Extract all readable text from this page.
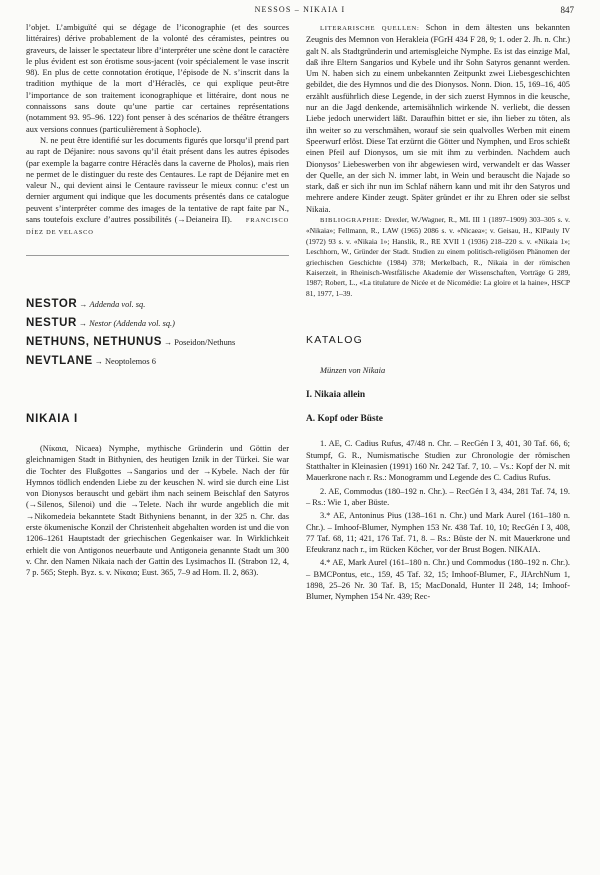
NESSOS – NIKAIA I	847

l’objet. L’ambiguïté qui se dégage de l’iconographie (et des sources littéraires) dérive probablement de la volonté des céramistes, peintres ou graveurs, de laisser le spectateur libre d’interpréter une scène dont le caractère le plus évident est son érotisme sous-jacent (voir spécialement le vase inscrit 98). En plus de cette connotation érotique, l’épisode de N. s’inscrit dans la tradition mythique de la mort d’Héraclès, ce qui explique peut-être l’importance de son traitement iconographique et littéraire, dont nous ne connaissons sans doute qu’une partie car certaines représentations (notamment 93. 95–96. 122) font penser à des scénarios de théâtre étrangers aux versions connues (particulièrement à Sophocle).

N. ne peut être identifié sur les documents figurés que lorsqu’il prend part au rapt de Déjanire: nous savons qu’il était présent dans les autres épisodes (par exemple la bagarre contre Héraclès dans la caverne de Pholos), mais rien ne permet de le distinguer du reste des Centaures. Le rapt de Déjanire met en valeur N., qui devient ainsi le Centaure ravisseur le mieux connu: c’est un dernier argument qui indique que les documents présentés dans ce catalogue peuvent s’interpréter comme des images de la tentative de rapt faite par N., sans toutefois exclure d’autres possibilités (→Deianeira II). FRANCISCO DÍEZ DE VELASCO

NESTOR → Addenda vol. sq.
NESTUR → Nestor (Addenda vol. sq.)
NETHUNS, NETHUNUS → Poseidon/Nethuns
NEVTLANE → Neoptolemos 6
NIKAIA I

(Νίκαια, Nicaea) Nymphe, mythische Gründerin und Göttin der gleichnamigen Stadt in Bithynien, des heutigen Iznik in der Türkei. Sie war die Tochter des Flußgottes →Sangarios und der →Kybele. Nach der für Hymnos tödlich endenden Liebe zu der keuschen N. wird sie durch eine List von Dionysos berauscht und gebärt ihm nach seinem Beischlaf den Satyros (→Silenos, Silenoi) und die →Telete. Nach ihr wurde angeblich die mit →Nikomedeia bekanntete Stadt Bithyniens benannt, in der 325 n. Chr. das erste ökumenische Konzil der Christenheit abgehalten worden ist und die von 1206–1261 Hauptstadt der griechischen Gegenkaiser war. In Wirklichkeit erhielt die von Antigonos neuerbaute und Antigoneia genannte Stadt um 300 v. Chr. den Namen Nikaia nach der Gattin des Lysimachos II. (Strabon 12, 4, 7 p. 565; Steph. Byz. s. v. Νίκαια; Eust. 365, 7–9 ad Hom. Il. 2, 863).

LITERARISCHE QUELLEN: Schon in dem ältesten uns bekannten Zeugnis des Memnon von Herakleia (FGrH 434 F 28, 9; 1. oder 2. Jh. n. Chr.) galt N. als Stadtgründerin und artemisgleiche Nymphe. Es ist das einzige Mal, daß ihre Eltern Sangarios und Kybele und ihr Sohn Satyros genannt werden. Um N. haben sich zu einem unbekannten Zeitpunkt zwei Liebesgeschichten gebildet, die des Hymnos und die des Dionysos. Nonn. Dion. 15, 169–16, 405 erzählt ausführlich diese Legende, in der sich zuerst Hymnos in die keusche, nur an die Jagd denkende, artemisähnlich wirkende N. verliebt, die dessen Liebe jedoch unerwidert läßt. Daraufhin bittet er sie, ihn lieber zu töten, als ihn weiter so zu verschmähen, worauf sie sein qualvolles Werben mit einem Speerwurf erlöst. Diese Tat erzürnt die Götter und Nymphen, und Eros schießt einen Pfeil auf Dionysos, um sie mit ihm zu verbinden. Nachdem auch Dionysos’ Liebeswerben von ihr abgewiesen wird, verwandelt er das Wasser der Quelle, an der sich N. immer labt, in Wein und berauscht die Najade so stark, daß er sich ihr nun im Schlaf nähern kann und mit ihr den Satyros und mehrere andere Kinder zeugt. Später gründet er ihr zu Ehren oder sie selbst Nikaia.

BIBLIOGRAPHIE: Drexler, W./Wagner, R., ML III 1 (1897–1909) 303–305 s. v. «Nikaia»; Fellmann, R., LAW (1965) 2086 s. v. «Nicaea»; v. Geisau, H., KlPauly IV (1972) 93 s. v. «Nikaia 1»; Hanslik, R., RE XVII 1 (1936) 218–220 s. v. «Nikaia 1»; Leschhorn, W., Gründer der Stadt. Studien zu einem politisch-religiösen Phänomen der griechischen Geschichte (1984) 378; Merkelbach, R., Nikaia in der römischen Kaiserzeit, in Rheinisch-Westfälische Akademie der Wissenschaften, Vorträge G 289, 1987; Robert, L., «La titulature de Nicée et de Nicomédie: La gloire et la haine», HSCP 81, 1977, 1–39.

KATALOG
Münzen von Nikaia
I. Nikaia allein
A. Kopf oder Büste

1. AE, C. Cadius Rufus, 47/48 n. Chr. – RecGén I 3, 401, 30 Taf. 66, 6; Stumpf, G. R., Numismatische Studien zur Chronologie der römischen Statthalter in Kleinasien (1991) 160 Nr. 242 Taf. 7, 10. – Vs.: Kopf der N. mit Mauerkrone nach r. Rs.: Monogramm und Legende des C. Cadius Rufus.

2. AE, Commodus (180–192 n. Chr.). – RecGén I 3, 434, 281 Taf. 74, 19. – Rs.: Wie 1, aber Büste.

3.* AE, Antoninus Pius (138–161 n. Chr.) und Mark Aurel (161–180 n. Chr.). – Imhoof-Blumer, Nymphen 153 Nr. 438 Taf. 10, 10; RecGén I 3, 408, 77 Taf. 68, 11; 421, 176 Taf. 71, 8. – Rs.: Büste der N. mit Mauerkrone und Efeukranz nach r., im Rücken Köcher, vor der Brust Bogen. ΝΙΚΑΙΑ.

4.* AE, Mark Aurel (161–180 n. Chr.) und Commodus (180–192 n. Chr.). – BMCPontus, etc., 159, 45 Taf. 32, 15; Imhoof-Blumer, F., JIArchNum 1, 1898, 25–26 Nr. 30 Taf. B, 15; MacDonald, Hunter II 248, 14; Imhoof-Blumer, Nymphen 154 Nr. 439; Rec-
